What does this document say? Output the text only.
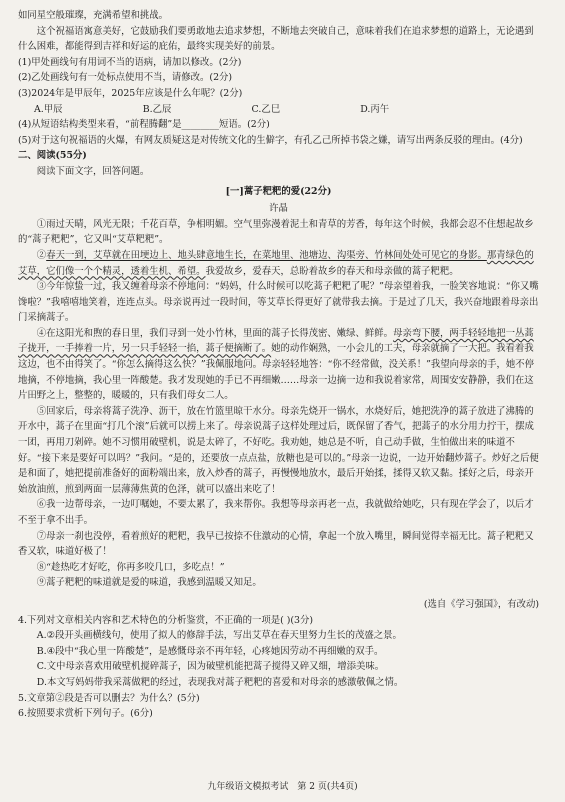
如同星空般璀璨，充满希望和挑战。

这个祝福语寓意美好，它鼓励我们要勇敢地去追求梦想，不断地去突破自己，意味着我们在追求梦想的道路上，无论遇到什么困难，都能得到吉祥和好运的庇佑，最终实现美好的前景。

(1)甲处画线句有用词不当的语病，请加以修改。(2分)

(2)乙处画线句有一处标点使用不当，请修改。(2分)

(3)2024年是甲辰年，2025年应该是什么年呢？(2分)

A.甲辰	B.乙辰	C.乙巳	D.丙午

(4)从短语结构类型来看，“前程腾翻”是________短语。(2分)

(5)对于这句祝福语的火爆，有网友质疑这是对传统文化的生僻字，有孔乙己所掉书袋之嫌，请写出两条反驳的理由。(4分)

二、阅读(55分)

阅读下面文字，回答问题。

[一]蒿子粑粑的爱(22分)

许晶

①雨过天晴，风光无限；千花百草，争相明媚。空气里弥漫着泥土和青草的芳香，每年这个时候，我都会忍不住想起故乡的“蒿子粑粑”，它又叫“艾草粑粑”。

②春天一到，艾草就在田埂边上、地头肆意地生长，在菜地里、池塘边、沟渠旁、竹林间处处可见它的身影。那青绿色的艾草，它们像一个个精灵，透着生机、希望。我爱故乡，爱春天，总盼着故乡的春天和母亲做的蒿子粑粑。

③今年惊蛰一过，我又缠着母亲不停地问：“妈妈，什么时候可以吃蒿子粑粑了呢？”母亲望着我，一脸笑容地说：“你又嘴馋啦？”我嘻嘻地笑着，连连点头。母亲说再过一段时间，等艾草长得更好了就带我去摘。于是过了几天，我兴奋地跟着母亲出门采摘蒿子。

④在这阳光和煦的春日里，我们寻到一处小竹林，里面的蒿子长得茂密、嫩绿、鲜鲜。母亲弯下腰，两手轻轻地把一丛蒿子拢开，一手捧着一片，另一只手轻轻一掐，蒿子便摘断了。她的动作娴熟，一小会儿的工夫，母亲就摘了一大把。我看着我这边，也不由得笑了。“你怎么摘得这么快？”我佩服地问。母亲轻轻地答：“你不经常做，没关系！”我望向母亲的手，她不停地摘，不停地摘，我心里一阵酸楚。我才发现她的手已不再细嫩……母亲一边摘一边和我说着家常，周围安安静静，我们在这片田野之上，整整的，暖暖的，只有我们母女二人。

⑤回家后，母亲将蒿子洗净、沥干，放在竹篮里晾干水分。母亲先烧开一锅水，水烧好后，她把洗净的蒿子放进了沸腾的开水中，蒿子在里面“打几个滚”后就可以捞上来了。母亲说蒿子这样处理过后，既保留了香气，把蒿子的水分用力拧干，摆成一团，再用刀剁碎。她不习惯用破壁机，说是太碎了，不好吃。我劝她，她总是不听，自己动手做，生怕做出来的味道不好。“接下来是要好可以吗？”我问。“是的，还要放一点点盐，放糖也是可以的。”母亲一边说，一边开始翻炒蒿子。炒好之后便是和面了，她把提前准备好的面粉端出来，放入炒香的蒿子，再慢慢地放水，最后开始揉，揉得又软又黏。揉好之后，母亲开始放油煎，煎到两面一层薄薄焦黄的色泽，就可以盛出来吃了！

⑥我一边帮母亲，一边叮嘱她，不要太累了，我来帮你。我想等母亲再老一点，我就做给她吃，只有现在学会了，以后才不至于拿不出手。

⑦母亲一刹也没停，看着煎好的粑粑，我早已按捺不住激动的心情，拿起一个放入嘴里，瞬间觉得幸福无比。蒿子粑粑又香又软，味道好极了！

⑧“趁热吃才好吃，你再多咬几口，多吃点！”

⑨蒿子粑粑的味道就是爱的味道，我感到温暖又知足。

(选自《学习强国》，有改动)

4.下列对文章相关内容和艺术特色的分析鉴赏，不正确的一项是( )(3分)

A.②段开头画横线句，使用了拟人的修辞手法，写出艾草在春天里努力生长的茂盛之景。

B.④段中“我心里一阵酸楚”，是感慨母亲不再年轻，心疼她因劳动不再细嫩的双手。

C.文中母亲喜欢用破壁机搅碎蒿子，因为破壁机能把蒿子搅得又碎又细，增添美味。

D.本文写妈妈带我采蒿做粑的经过，表现我对蒿子粑粑的喜爱和对母亲的感激敬佩之情。

5.文章第②段是否可以删去？为什么？(5分)

6.按照要求赏析下列句子。(6分)

九年级语文模拟考试　第 2 页(共4页)
